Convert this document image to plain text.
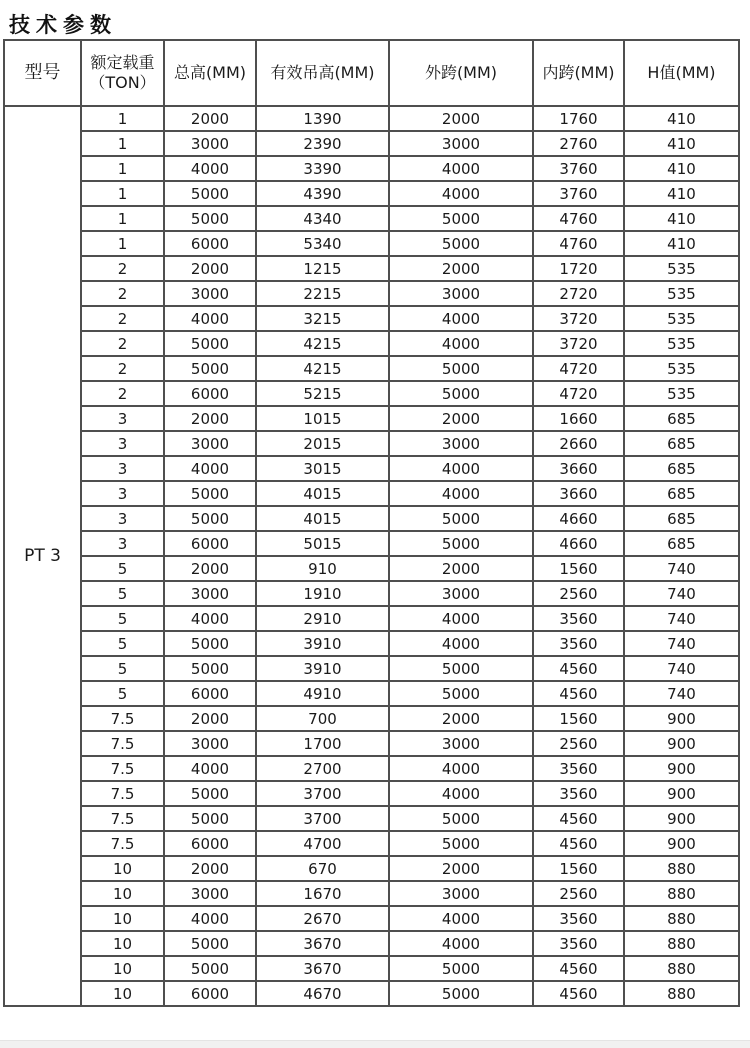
技术参数
型号	额定载重（TON）	总高(MM)	有效吊高(MM)	外跨(MM)	内跨(MM)	H值(MM)
PT 3	1	2000	1390	2000	1760	410
	1	3000	2390	3000	2760	410
	1	4000	3390	4000	3760	410
	1	5000	4390	4000	3760	410
	1	5000	4340	5000	4760	410
	1	6000	5340	5000	4760	410
	2	2000	1215	2000	1720	535
	2	3000	2215	3000	2720	535
	2	4000	3215	4000	3720	535
	2	5000	4215	4000	3720	535
	2	5000	4215	5000	4720	535
	2	6000	5215	5000	4720	535
	3	2000	1015	2000	1660	685
	3	3000	2015	3000	2660	685
	3	4000	3015	4000	3660	685
	3	5000	4015	4000	3660	685
	3	5000	4015	5000	4660	685
	3	6000	5015	5000	4660	685
	5	2000	910	2000	1560	740
	5	3000	1910	3000	2560	740
	5	4000	2910	4000	3560	740
	5	5000	3910	4000	3560	740
	5	5000	3910	5000	4560	740
	5	6000	4910	5000	4560	740
	7.5	2000	700	2000	1560	900
	7.5	3000	1700	3000	2560	900
	7.5	4000	2700	4000	3560	900
	7.5	5000	3700	4000	3560	900
	7.5	5000	3700	5000	4560	900
	7.5	6000	4700	5000	4560	900
	10	2000	670	2000	1560	880
	10	3000	1670	3000	2560	880
	10	4000	2670	4000	3560	880
	10	5000	3670	4000	3560	880
	10	5000	3670	5000	4560	880
	10	6000	4670	5000	4560	880
